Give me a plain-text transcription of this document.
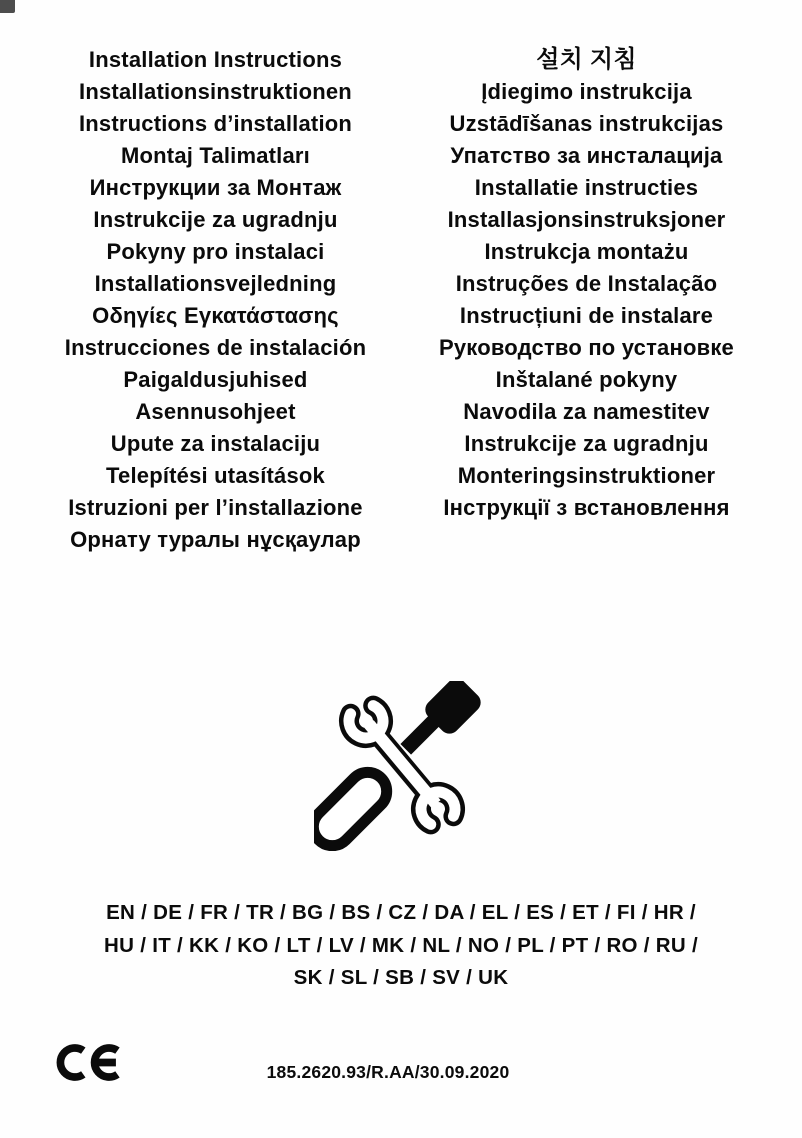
Installation Instructions
Installationsinstruktionen
Instructions d’installation
Montaj Talimatları
Инструкции за Монтаж
Instrukcije za ugradnju
Pokyny pro instalaci
Installationsvejledning
Οδηγίες Εγκατάστασης
Instrucciones de instalación
Paigaldusjuhised
Asennusohjeet
Upute za instalaciju
Telepítési utasítások
Istruzioni per l’installazione
Орнату туралы нұсқаулар
설치 지침
Įdiegimo instrukcija
Uzstādīšanas instrukcijas
Упатство за инсталација
Installatie instructies
Installasjonsinstruksjoner
Instrukcja montażu
Instruções de Instalação
Instrucțiuni de instalare
Руководство по установке
Inštalané pokyny
Navodila za namestitev
Instrukcije za ugradnju
Monteringsinstruktioner
Інструкції з встановлення
EN / DE / FR / TR / BG / BS / CZ / DA / EL / ES / ET / FI / HR /
HU / IT / KK / KO / LT / LV / MK / NL / NO / PL / PT / RO / RU /
SK / SL / SB / SV / UK
185.2620.93/R.AA/30.09.2020
